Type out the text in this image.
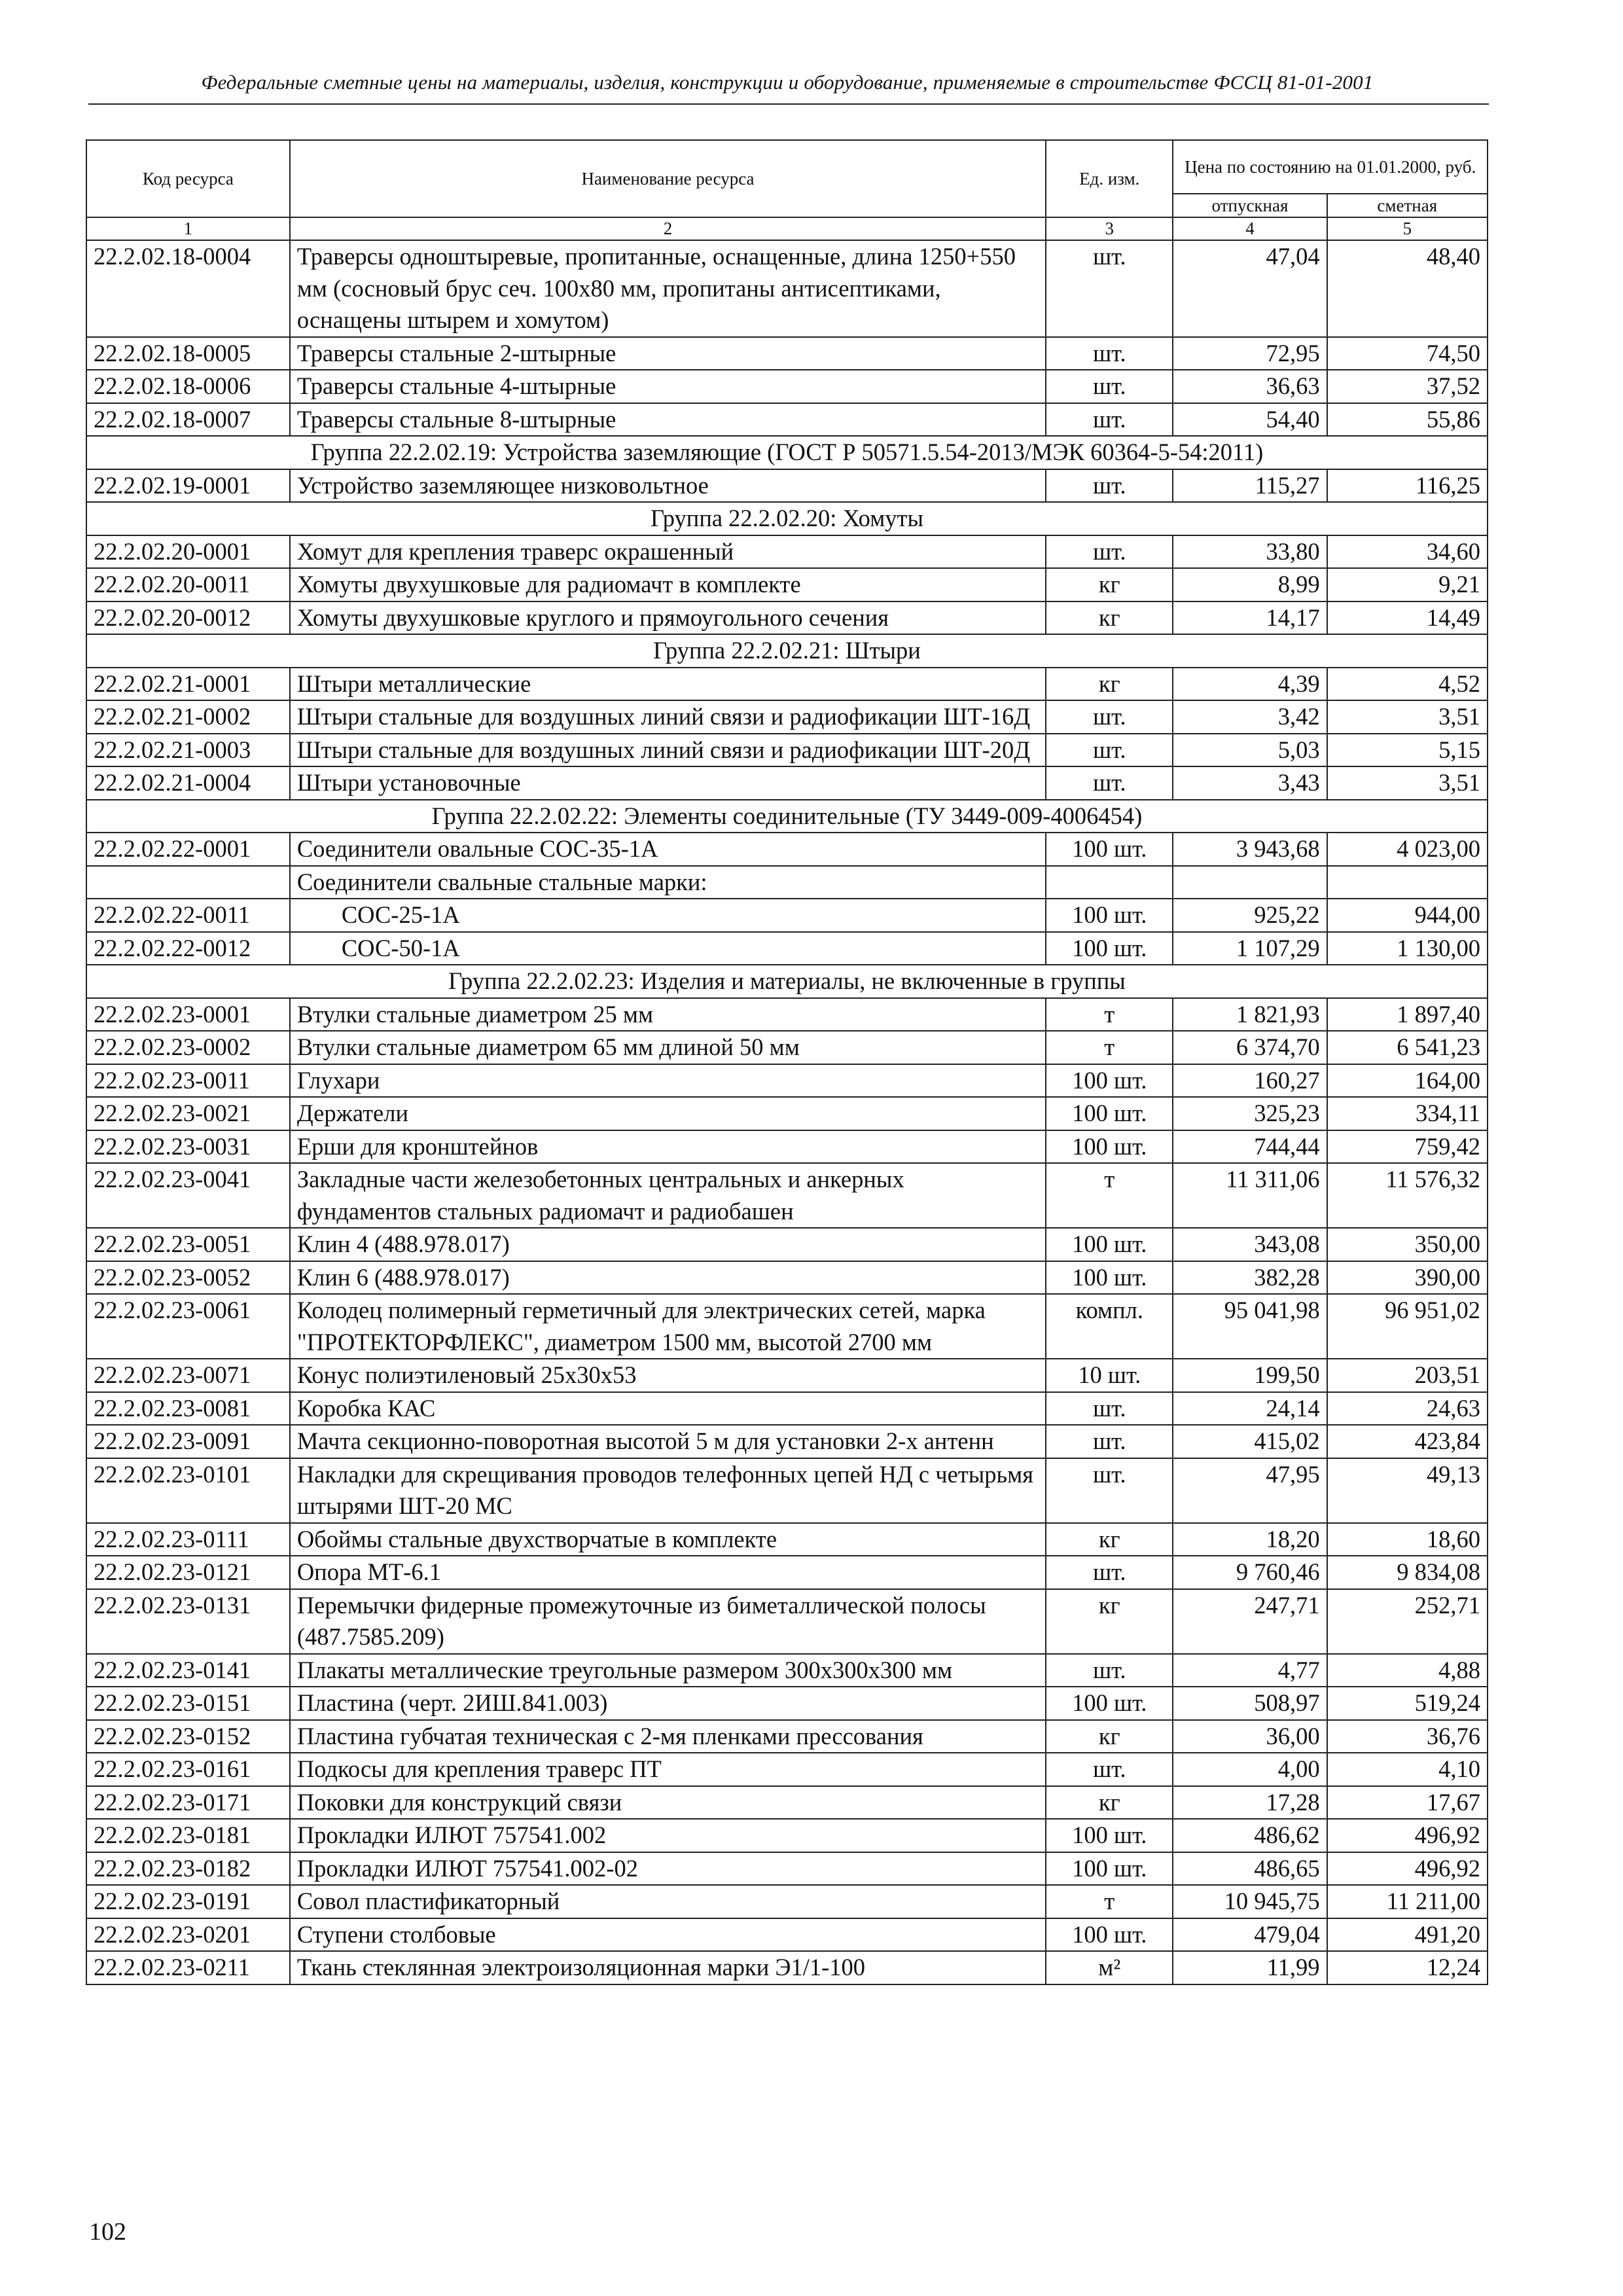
Федеральные сметные цены на материалы, изделия, конструкции и оборудование, применяемые в строительстве ФССЦ 81-01-2001
Код ресурса	Наименование ресурса	Ед. изм.	Цена по состоянию на 01.01.2000, руб.	
			отпускная	сметная
1	2	3	4	5
22.2.02.18-0004	Траверсы одноштыревые, пропитанные, оснащенные, длина 1250+550 мм (сосновый брус сеч. 100х80 мм, пропитаны антисептиками, оснащены штырем и хомутом)	шт.	47,04	48,40
22.2.02.18-0005	Траверсы стальные 2-штырные	шт.	72,95	74,50
22.2.02.18-0006	Траверсы стальные 4-штырные	шт.	36,63	37,52
22.2.02.18-0007	Траверсы стальные 8-штырные	шт.	54,40	55,86
Группа 22.2.02.19: Устройства заземляющие (ГОСТ Р 50571.5.54-2013/МЭК 60364-5-54:2011)				
22.2.02.19-0001	Устройство заземляющее низковольтное	шт.	115,27	116,25
Группа 22.2.02.20: Хомуты				
22.2.02.20-0001	Хомут для крепления траверс окрашенный	шт.	33,80	34,60
22.2.02.20-0011	Хомуты двухушковые для радиомачт в комплекте	кг	8,99	9,21
22.2.02.20-0012	Хомуты двухушковые круглого и прямоугольного сечения	кг	14,17	14,49
Группа 22.2.02.21: Штыри				
22.2.02.21-0001	Штыри металлические	кг	4,39	4,52
22.2.02.21-0002	Штыри стальные для воздушных линий связи и радиофикации ШТ-16Д	шт.	3,42	3,51
22.2.02.21-0003	Штыри стальные для воздушных линий связи и радиофикации ШТ-20Д	шт.	5,03	5,15
22.2.02.21-0004	Штыри установочные	шт.	3,43	3,51
Группа 22.2.02.22: Элементы соединительные (ТУ 3449-009-4006454)				
22.2.02.22-0001	Соединители овальные СОС-35-1А	100 шт.	3 943,68	4 023,00
	Соединители свальные стальные марки:			
22.2.02.22-0011	СОС-25-1А	100 шт.	925,22	944,00
22.2.02.22-0012	СОС-50-1А	100 шт.	1 107,29	1 130,00
Группа 22.2.02.23: Изделия и материалы, не включенные в группы				
22.2.02.23-0001	Втулки стальные диаметром 25 мм	т	1 821,93	1 897,40
22.2.02.23-0002	Втулки стальные диаметром 65 мм длиной 50 мм	т	6 374,70	6 541,23
22.2.02.23-0011	Глухари	100 шт.	160,27	164,00
22.2.02.23-0021	Держатели	100 шт.	325,23	334,11
22.2.02.23-0031	Ерши для кронштейнов	100 шт.	744,44	759,42
22.2.02.23-0041	Закладные части железобетонных центральных и анкерных фундаментов стальных радиомачт и радиобашен	т	11 311,06	11 576,32
22.2.02.23-0051	Клин 4 (488.978.017)	100 шт.	343,08	350,00
22.2.02.23-0052	Клин 6 (488.978.017)	100 шт.	382,28	390,00
22.2.02.23-0061	Колодец полимерный герметичный для электрических сетей, марка "ПРОТЕКТОРФЛЕКС", диаметром 1500 мм, высотой 2700 мм	компл.	95 041,98	96 951,02
22.2.02.23-0071	Конус полиэтиленовый 25х30х53	10 шт.	199,50	203,51
22.2.02.23-0081	Коробка КАС	шт.	24,14	24,63
22.2.02.23-0091	Мачта секционно-поворотная высотой 5 м для установки 2-х антенн	шт.	415,02	423,84
22.2.02.23-0101	Накладки для скрещивания проводов телефонных цепей НД с четырьмя штырями ШТ-20 МС	шт.	47,95	49,13
22.2.02.23-0111	Обоймы стальные двухстворчатые в комплекте	кг	18,20	18,60
22.2.02.23-0121	Опора МТ-6.1	шт.	9 760,46	9 834,08
22.2.02.23-0131	Перемычки фидерные промежуточные из биметаллической полосы (487.7585.209)	кг	247,71	252,71
22.2.02.23-0141	Плакаты металлические треугольные размером 300х300х300 мм	шт.	4,77	4,88
22.2.02.23-0151	Пластина (черт. 2ИШ.841.003)	100 шт.	508,97	519,24
22.2.02.23-0152	Пластина губчатая техническая с 2-мя пленками прессования	кг	36,00	36,76
22.2.02.23-0161	Подкосы для крепления траверс ПТ	шт.	4,00	4,10
22.2.02.23-0171	Поковки для конструкций связи	кг	17,28	17,67
22.2.02.23-0181	Прокладки ИЛЮТ 757541.002	100 шт.	486,62	496,92
22.2.02.23-0182	Прокладки ИЛЮТ 757541.002-02	100 шт.	486,65	496,92
22.2.02.23-0191	Совол пластификаторный	т	10 945,75	11 211,00
22.2.02.23-0201	Ступени столбовые	100 шт.	479,04	491,20
22.2.02.23-0211	Ткань стеклянная электроизоляционная марки Э1/1-100	м²	11,99	12,24
102
